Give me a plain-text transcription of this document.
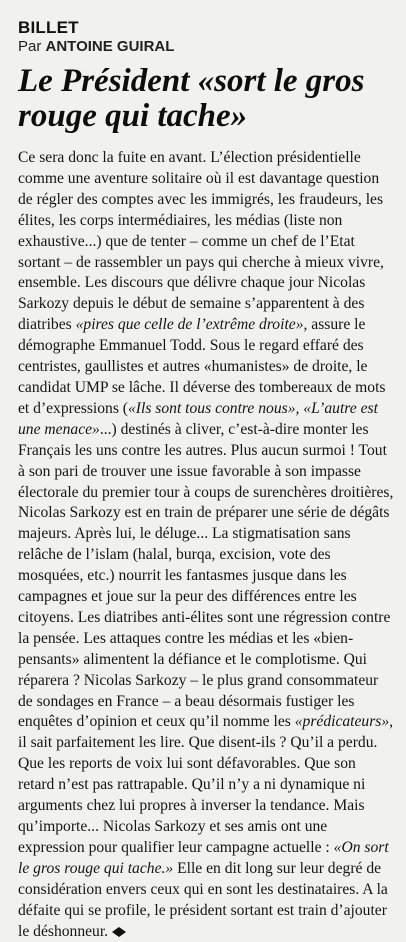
BILLET
Par ANTOINE GUIRAL
Le Président «sort le gros rouge qui tache»

Ce sera donc la fuite en avant. L’élection présidentielle comme une aventure solitaire où il est davantage question de régler des comptes avec les immigrés, les fraudeurs, les élites, les corps intermédiaires, les médias (liste non exhaustive...) que de tenter – comme un chef de l’Etat sortant – de rassembler un pays qui cherche à mieux vivre, ensemble. Les discours que délivre chaque jour Nicolas Sarkozy depuis le début de semaine s’apparentent à des diatribes «pires que celle de l’extrême droite», assure le démographe Emmanuel Todd. Sous le regard effaré des centristes, gaullistes et autres «humanistes» de droite, le candidat UMP se lâche. Il déverse des tombereaux de mots et d’expressions («Ils sont tous contre nous», «L’autre est une menace»...) destinés à cliver, c’est-à-dire monter les Français les uns contre les autres. Plus aucun surmoi ! Tout à son pari de trouver une issue favorable à son impasse électorale du premier tour à coups de surenchères droitières, Nicolas Sarkozy est en train de préparer une série de dégâts majeurs. Après lui, le déluge... La stigmatisation sans relâche de l’islam (halal, burqa, excision, vote des mosquées, etc.) nourrit les fantasmes jusque dans les campagnes et joue sur la peur des différences entre les citoyens. Les diatribes anti-élites sont une régression contre la pensée. Les attaques contre les médias et les «bien-pensants» alimentent la défiance et le complotisme. Qui réparera ? Nicolas Sarkozy – le plus grand consommateur de sondages en France – a beau désormais fustiger les enquêtes d’opinion et ceux qu’il nomme les «prédicateurs», il sait parfaitement les lire. Que disent-ils ? Qu’il a perdu. Que les reports de voix lui sont défavorables. Que son retard n’est pas rattrapable. Qu’il n’y a ni dynamique ni arguments chez lui propres à inverser la tendance. Mais qu’importe... Nicolas Sarkozy et ses amis ont une expression pour qualifier leur campagne actuelle : «On sort le gros rouge qui tache.» Elle en dit long sur leur degré de considération envers ceux qui en sont les destinataires. A la défaite qui se profile, le président sortant est train d’ajouter le déshonneur.
